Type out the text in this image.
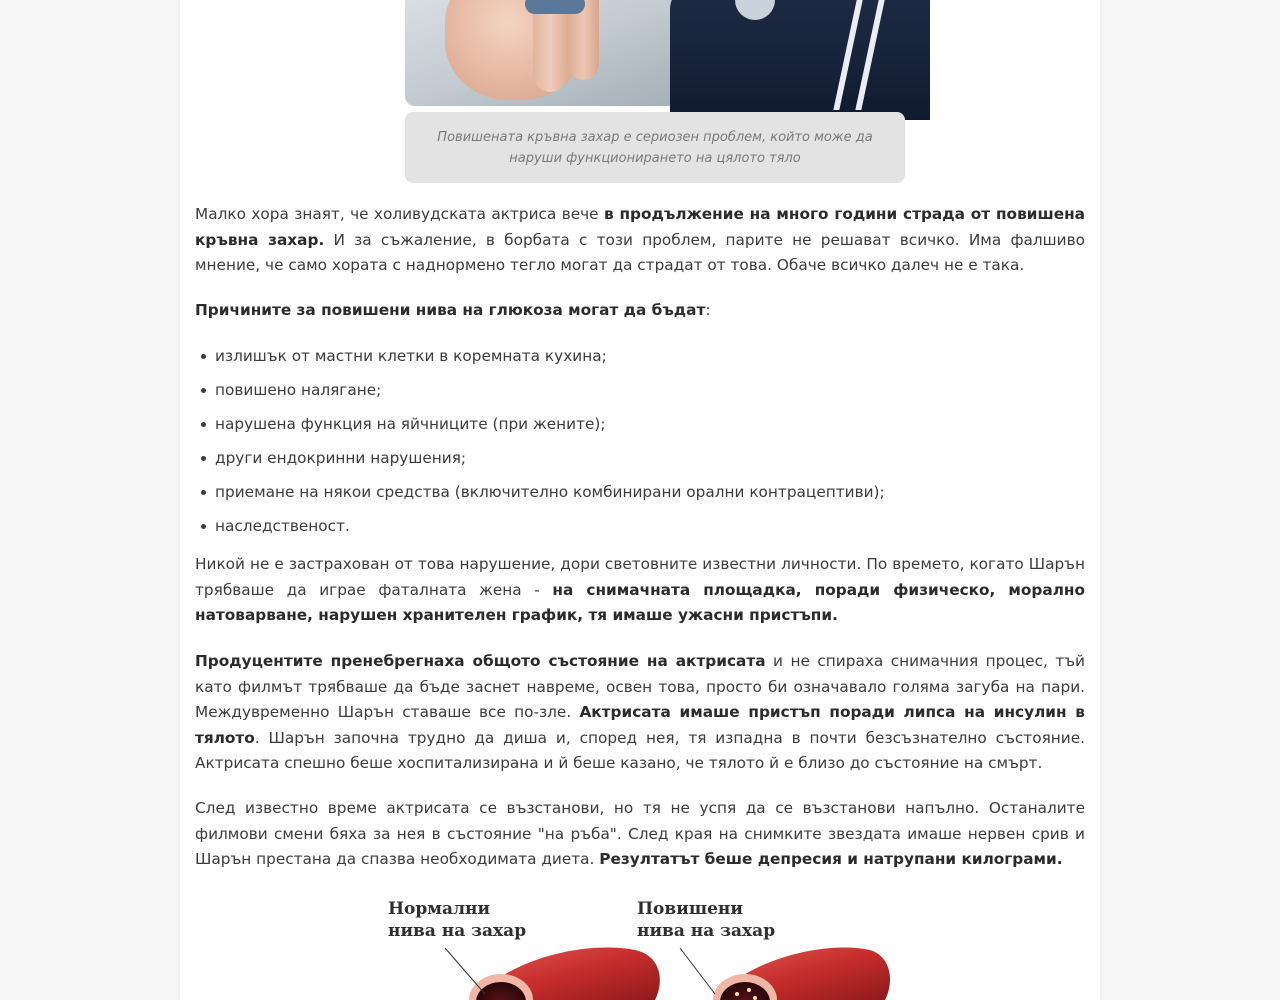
Повишената кръвна захар е сериозен проблем, който може да наруши функционирането на цялото тяло

Малко хора знаят, че холивудската актриса вече в продължение на много години страда от повишена кръвна захар. И за съжаление, в борбата с този проблем, парите не решават всичко. Има фалшиво мнение, че само хората с наднормено тегло могат да страдат от това. Обаче всичко далеч не е така.

Причините за повишени нива на глюкоза могат да бъдат:

излишък от мастни клетки в коремната кухина;
повишено налягане;
нарушена функция на яйчниците (при жените);
други ендокринни нарушения;
приемане на някои средства (включително комбинирани орални контрацептиви);
наследственост.

Никой не е застрахован от това нарушение, дори световните известни личности. По времето, когато Шарън трябваше да играе фаталната жена - на снимачната площадка, поради физическо, морално натоварване, нарушен хранителен график, тя имаше ужасни пристъпи.

Продуцентите пренебрегнаха общото състояние на актрисата и не спираха снимачния процес, тъй като филмът трябваше да бъде заснет навреме, освен това, просто би означавало голяма загуба на пари. Междувременно Шарън ставаше все по-зле. Актрисата имаше пристъп поради липса на инсулин в тялото. Шарън започна трудно да диша и, според нея, тя изпадна в почти безсъзнателно състояние. Актрисата спешно беше хоспитализирана и й беше казано, че тялото й е близо до състояние на смърт.

След известно време актрисата се възстанови, но тя не успя да се възстанови напълно. Останалите филмови смени бяха за нея в състояние "на ръба". След края на снимките звездата имаше нервен срив и Шарън престана да спазва необходимата диета. Резултатът беше депресия и натрупани килограми.

Нормални
нива на захар
Повишени
нива на захар
